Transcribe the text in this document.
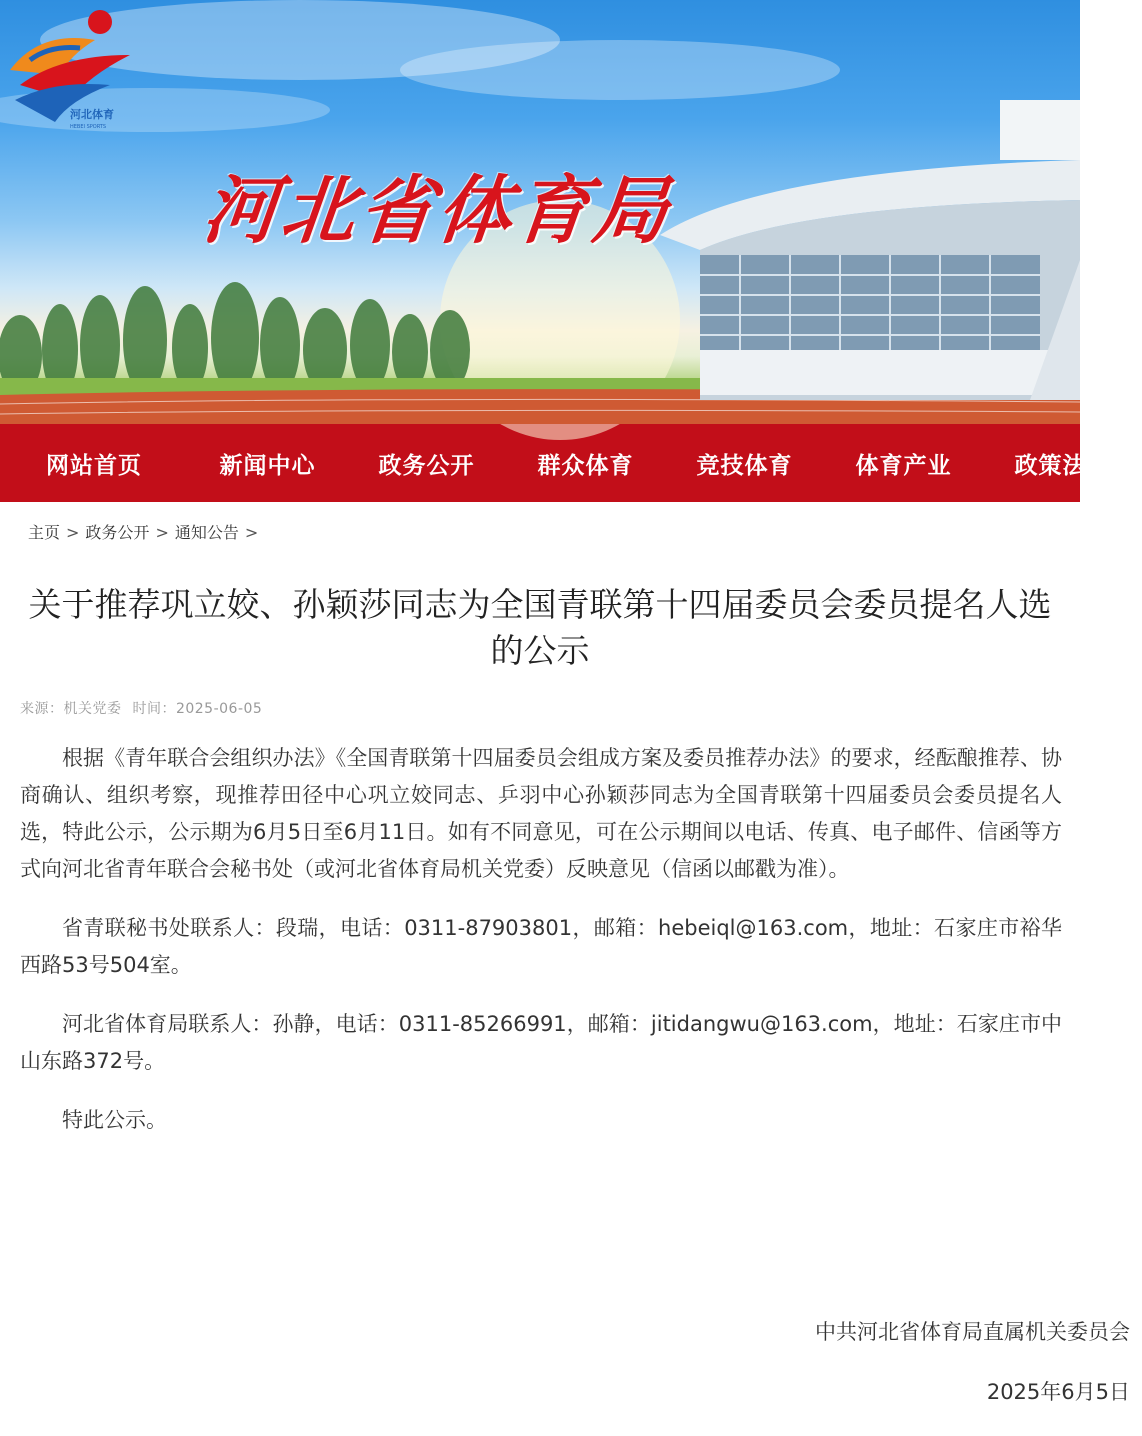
河北体育
HEBEI SPORTS
河北省体育局
网站首页	新闻中心	政务公开	群众体育	竞技体育	体育产业	政策法规
主页 > 政务公开 > 通知公告 >
关于推荐巩立姣、孙颖莎同志为全国青联第十四届委员会委员提名人选的公示
来源：机关党委 时间：2025-06-05

根据《青年联合会组织办法》《全国青联第十四届委员会组成方案及委员推荐办法》的要求，经酝酿推荐、协商确认、组织考察，现推荐田径中心巩立姣同志、乒羽中心孙颖莎同志为全国青联第十四届委员会委员提名人选，特此公示，公示期为6月5日至6月11日。如有不同意见，可在公示期间以电话、传真、电子邮件、信函等方式向河北省青年联合会秘书处（或河北省体育局机关党委）反映意见（信函以邮戳为准）。

省青联秘书处联系人：段瑞，电话：0311-87903801，邮箱：hebeiql@163.com，地址：石家庄市裕华西路53号504室。

河北省体育局联系人：孙静，电话：0311-85266991，邮箱：jitidangwu@163.com，地址：石家庄市中山东路372号。

特此公示。

中共河北省体育局直属机关委员会
2025年6月5日
